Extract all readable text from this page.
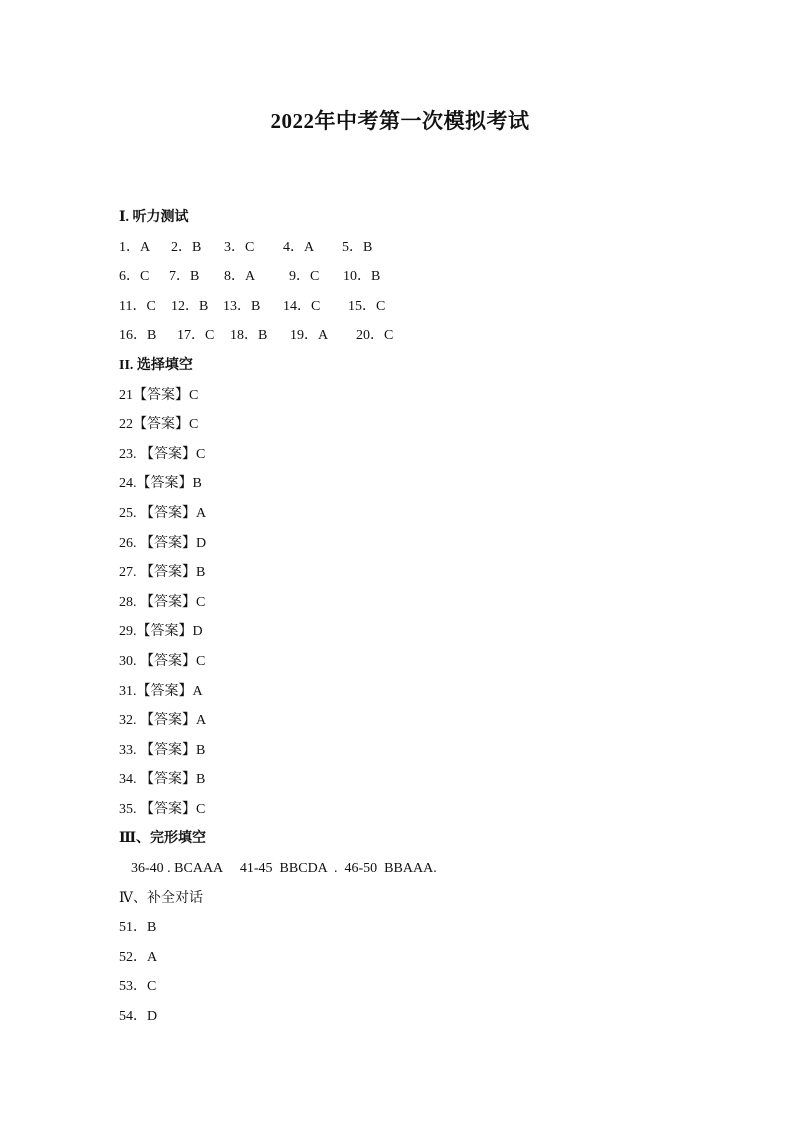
2022年中考第一次模拟考试
Ⅰ. 听力测试
1．A 2．B 3．C 4．A 5．B
6．C 7．B 8．A 9．C 10．B
11．C 12．B 13．B 14．C 15．C
16．B 17．C 18．B 19．A 20．C
II. 选择填空
21【答案】C
22【答案】C
23. 【答案】C
24.【答案】B
25. 【答案】A
26. 【答案】D
27. 【答案】B
28. 【答案】C
29.【答案】D
30. 【答案】C
31.【答案】A
32. 【答案】A
33. 【答案】B
34. 【答案】B
35. 【答案】C
Ⅲ、完形填空
36-40 . BCAAA     41-45  BBCDA  .  46-50  BBAAA.
Ⅳ、补全对话
51．B
52．A
53．C
54．D
